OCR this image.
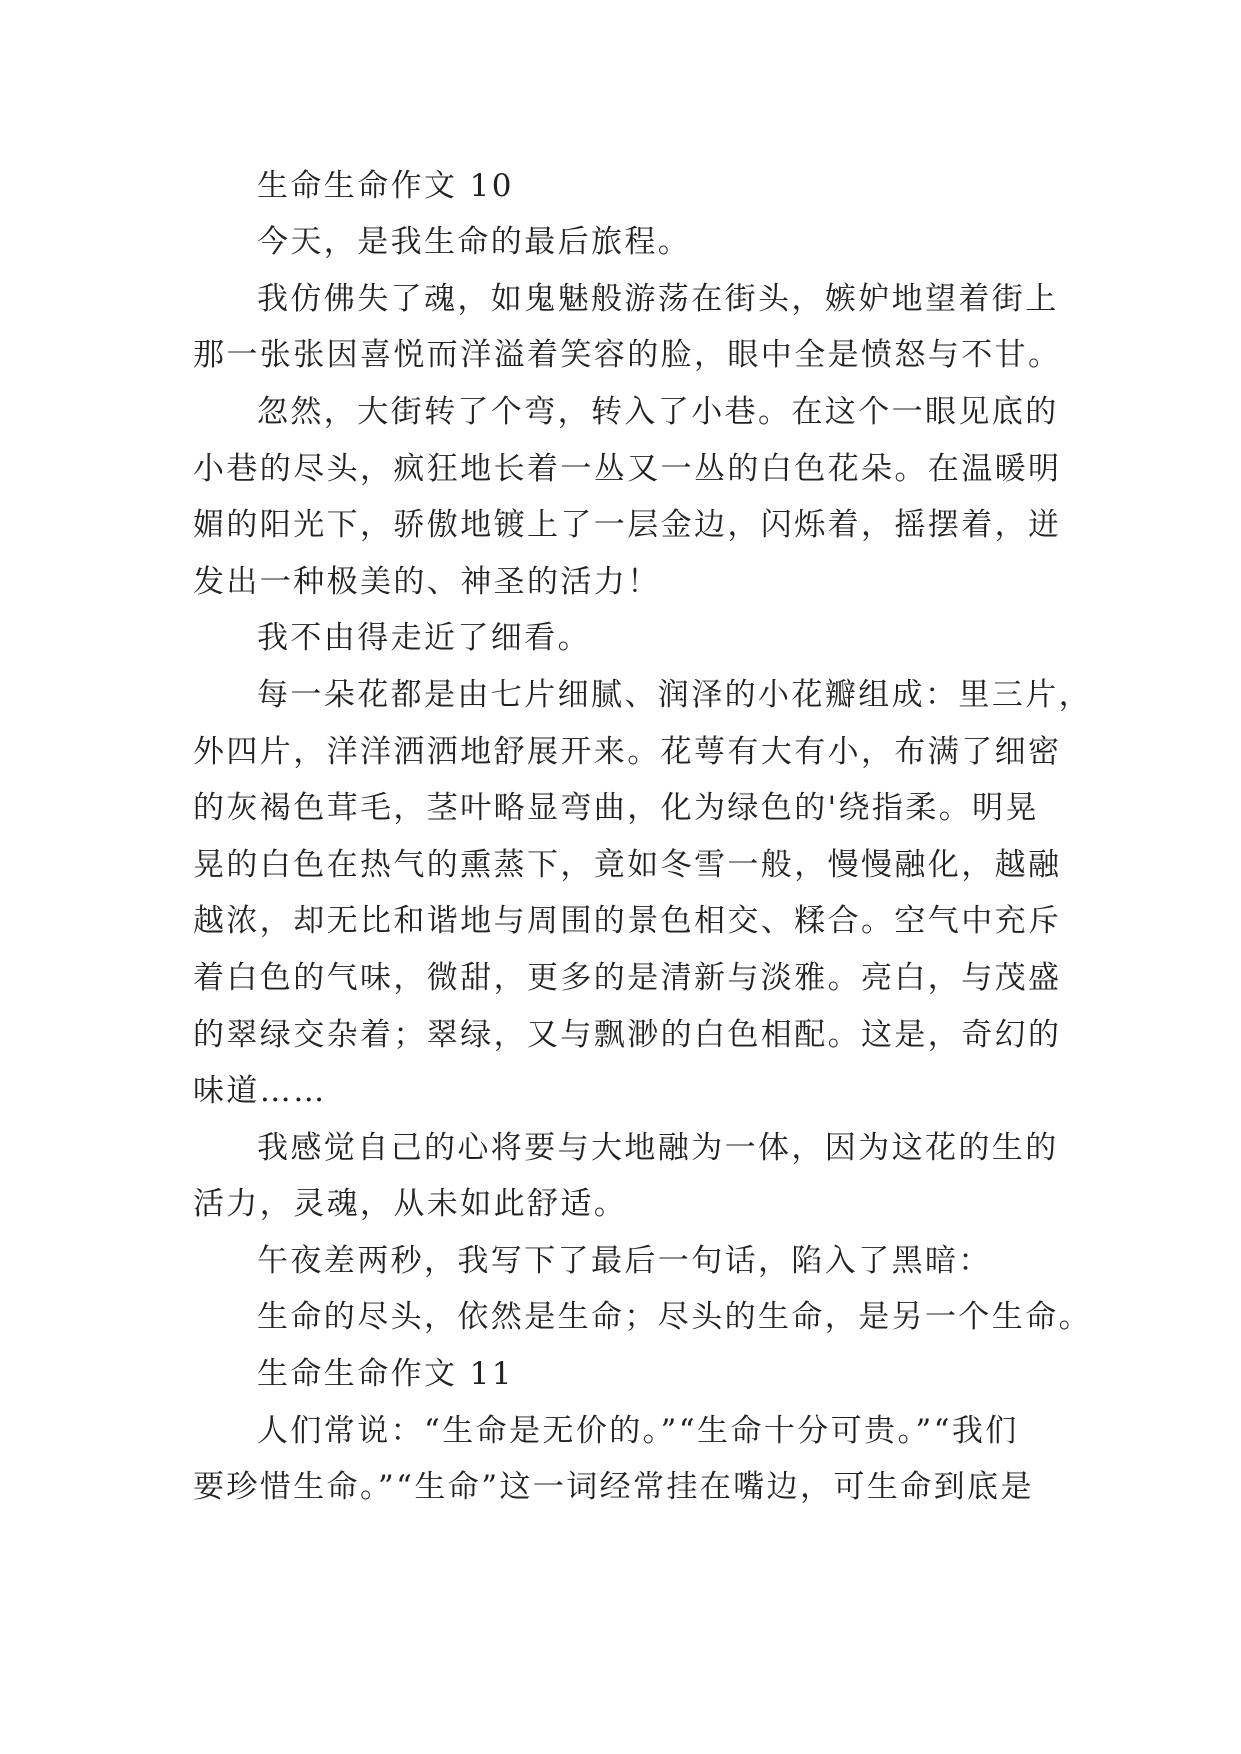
生命生命作文 10
今天，是我生命的最后旅程。
我仿佛失了魂，如鬼魅般游荡在街头，嫉妒地望着街上
那一张张因喜悦而洋溢着笑容的脸，眼中全是愤怒与不甘。
忽然，大街转了个弯，转入了小巷。在这个一眼见底的
小巷的尽头，疯狂地长着一丛又一丛的白色花朵。在温暖明
媚的阳光下，骄傲地镀上了一层金边，闪烁着，摇摆着，迸
发出一种极美的、神圣的活力！
我不由得走近了细看。
每一朵花都是由七片细腻、润泽的小花瓣组成：里三片，
外四片，洋洋洒洒地舒展开来。花萼有大有小，布满了细密
的灰褐色茸毛，茎叶略显弯曲，化为绿色的'绕指柔。明晃
晃的白色在热气的熏蒸下，竟如冬雪一般，慢慢融化，越融
越浓，却无比和谐地与周围的景色相交、糅合。空气中充斥
着白色的气味，微甜，更多的是清新与淡雅。亮白，与茂盛
的翠绿交杂着；翠绿，又与飘渺的白色相配。这是，奇幻的
味道……
我感觉自己的心将要与大地融为一体，因为这花的生的
活力，灵魂，从未如此舒适。
午夜差两秒，我写下了最后一句话，陷入了黑暗：
生命的尽头，依然是生命；尽头的生命，是另一个生命。
生命生命作文 11
人们常说：“生命是无价的。”“生命十分可贵。”“我们
要珍惜生命。”“生命”这一词经常挂在嘴边，可生命到底是
